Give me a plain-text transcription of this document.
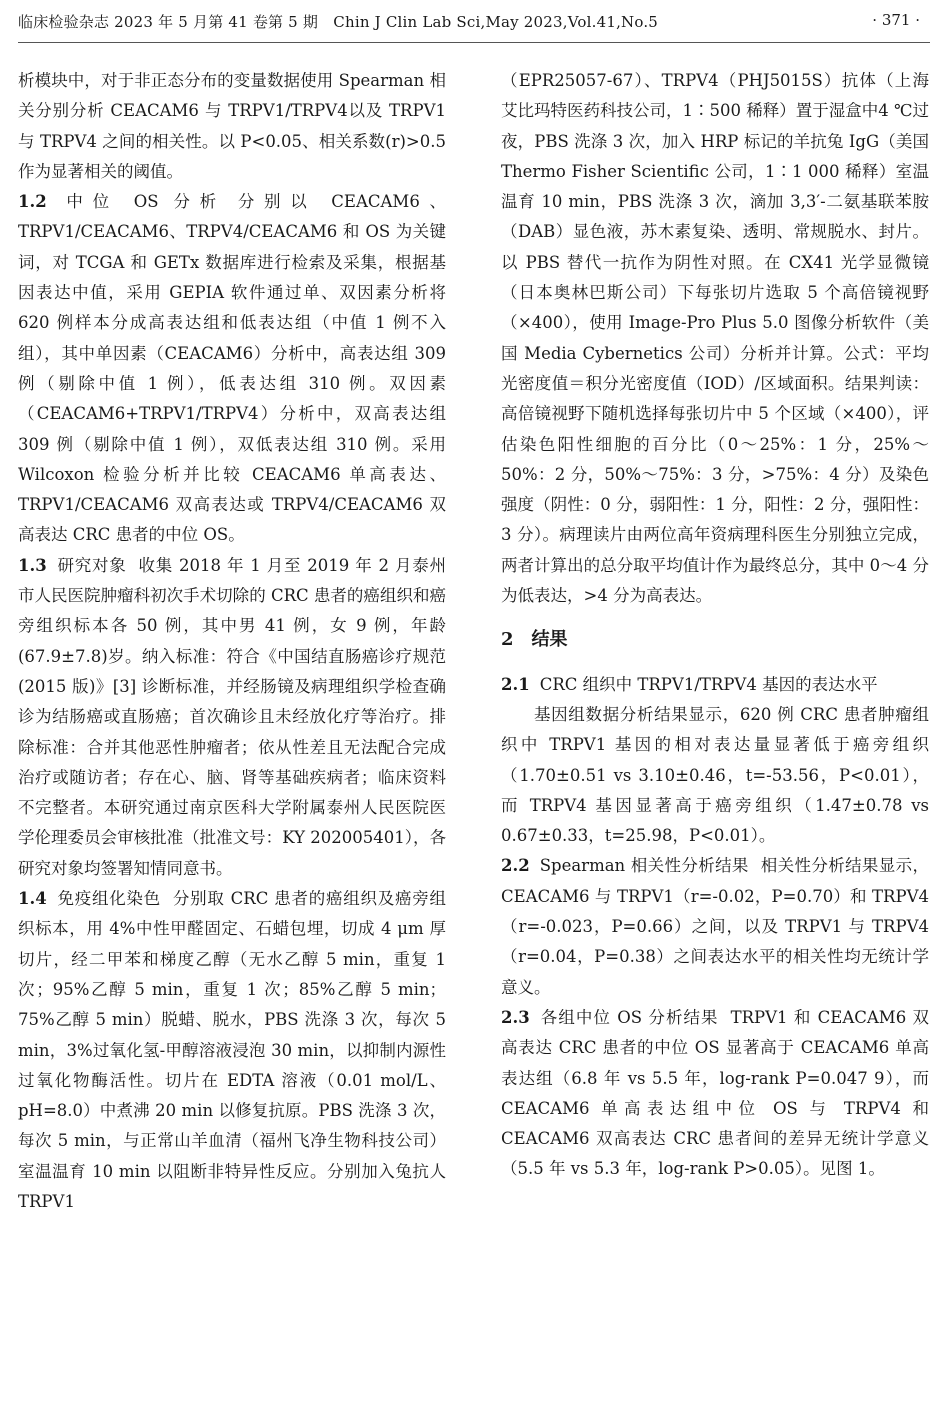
临床检验杂志 2023 年 5 月第 41 卷第 5 期　Chin J Clin Lab Sci,May 2023,Vol.41,No.5	· 371 ·

析模块中，对于非正态分布的变量数据使用 Spearman 相关分别分析 CEACAM6 与 TRPV1/TRPV4以及 TRPV1 与 TRPV4 之间的相关性。以 P<0.05、相关系数(r)>0.5 作为显著相关的阈值。

1.2 中位 OS 分析 分别以 CEACAM6、TRPV1/CEACAM6、TRPV4/CEACAM6 和 OS 为关键词，对 TCGA 和 GETx 数据库进行检索及采集，根据基因表达中值，采用 GEPIA 软件通过单、双因素分析将 620 例样本分成高表达组和低表达组（中值 1 例不入组），其中单因素（CEACAM6）分析中，高表达组 309 例（剔除中值 1 例），低表达组 310 例。双因素（CEACAM6+TRPV1/TRPV4）分析中，双高表达组 309 例（剔除中值 1 例），双低表达组 310 例。采用 Wilcoxon 检验分析并比较 CEACAM6 单高表达、TRPV1/CEACAM6 双高表达或 TRPV4/CEACAM6 双高表达 CRC 患者的中位 OS。

1.3 研究对象 收集 2018 年 1 月至 2019 年 2 月泰州市人民医院肿瘤科初次手术切除的 CRC 患者的癌组织和癌旁组织标本各 50 例，其中男 41 例，女 9 例，年龄(67.9±7.8)岁。纳入标准：符合《中国结直肠癌诊疗规范(2015 版)》[3] 诊断标准，并经肠镜及病理组织学检查确诊为结肠癌或直肠癌；首次确诊且未经放化疗等治疗。排除标准：合并其他恶性肿瘤者；依从性差且无法配合完成治疗或随访者；存在心、脑、肾等基础疾病者；临床资料不完整者。本研究通过南京医科大学附属泰州人民医院医学伦理委员会审核批准（批准文号：KY 202005401），各研究对象均签署知情同意书。

1.4 免疫组化染色 分别取 CRC 患者的癌组织及癌旁组织标本，用 4%中性甲醛固定、石蜡包埋，切成 4 μm 厚切片，经二甲苯和梯度乙醇（无水乙醇 5 min，重复 1 次；95%乙醇 5 min，重复 1 次；85%乙醇 5 min；75%乙醇 5 min）脱蜡、脱水，PBS 洗涤 3 次，每次 5 min，3%过氧化氢-甲醇溶液浸泡 30 min，以抑制内源性过氧化物酶活性。切片在 EDTA 溶液（0.01 mol/L、pH=8.0）中煮沸 20 min 以修复抗原。PBS 洗涤 3 次，每次 5 min，与正常山羊血清（福州飞净生物科技公司）室温温育 10 min 以阻断非特异性反应。分别加入兔抗人 TRPV1

（EPR25057-67）、TRPV4（PHJ5015S）抗体（上海艾比玛特医药科技公司，1∶500 稀释）置于湿盒中4 ℃过夜，PBS 洗涤 3 次，加入 HRP 标记的羊抗兔 IgG（美国 Thermo Fisher Scientific 公司，1∶1 000 稀释）室温温育 10 min，PBS 洗涤 3 次，滴加 3,3′-二氨基联苯胺（DAB）显色液，苏木素复染、透明、常规脱水、封片。以 PBS 替代一抗作为阴性对照。在 CX41 光学显微镜（日本奥林巴斯公司）下每张切片选取 5 个高倍镜视野（×400），使用 Image-Pro Plus 5.0 图像分析软件（美国 Media Cybernetics 公司）分析并计算。公式：平均光密度值＝积分光密度值（IOD）/区域面积。结果判读：高倍镜视野下随机选择每张切片中 5 个区域（×400），评估染色阳性细胞的百分比（0～25%：1 分，25%～50%：2 分，50%～75%：3 分，>75%：4 分）及染色强度（阴性：0 分，弱阳性：1 分，阳性：2 分，强阳性：3 分）。病理读片由两位高年资病理科医生分别独立完成，两者计算出的总分取平均值计作为最终总分，其中 0～4 分为低表达，>4 分为高表达。

2 结果

2.1 CRC 组织中 TRPV1/TRPV4 基因的表达水平

基因组数据分析结果显示，620 例 CRC 患者肿瘤组织中 TRPV1 基因的相对表达量显著低于癌旁组织（1.70±0.51 vs 3.10±0.46，t=-53.56，P<0.01），而 TRPV4 基因显著高于癌旁组织（1.47±0.78 vs 0.67±0.33，t=25.98，P<0.01）。

2.2 Spearman 相关性分析结果 相关性分析结果显示，CEACAM6 与 TRPV1（r=-0.02，P=0.70）和 TRPV4（r=-0.023，P=0.66）之间，以及 TRPV1 与 TRPV4（r=0.04，P=0.38）之间表达水平的相关性均无统计学意义。

2.3 各组中位 OS 分析结果 TRPV1 和 CEACAM6 双高表达 CRC 患者的中位 OS 显著高于 CEACAM6 单高表达组（6.8 年 vs 5.5 年，log-rank P=0.047 9），而 CEACAM6 单高表达组中位 OS 与 TRPV4 和 CEACAM6 双高表达 CRC 患者间的差异无统计学意义（5.5 年 vs 5.3 年，log-rank P>0.05）。见图 1。
